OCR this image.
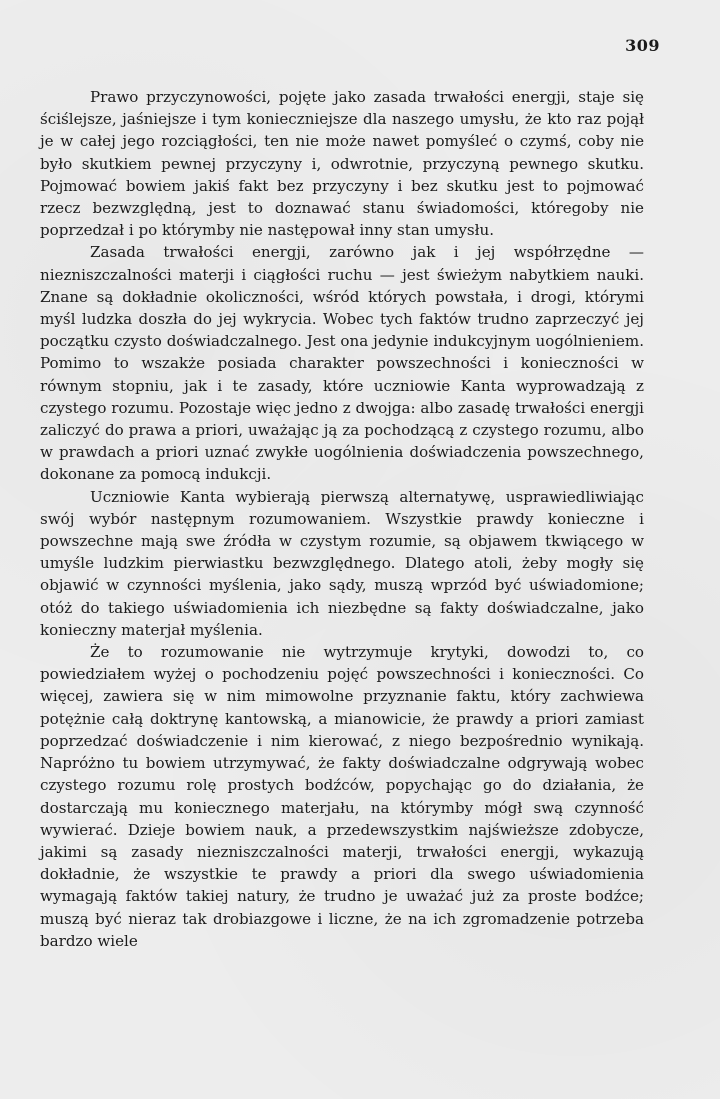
309

Prawo przyczynowości, pojęte jako zasada trwałości energji, staje się ściślejsze, jaśniejsze i tym konieczniejsze dla naszego umysłu, że kto raz pojął je w całej jego rozciągłości, ten nie może nawet pomyśleć o czymś, coby nie było skutkiem pewnej przyczyny i, odwrotnie, przyczyną pewnego skutku. Pojmować bowiem jakiś fakt bez przyczyny i bez skutku jest to pojmować rzecz bezwzględną, jest to doznawać stanu świadomości, któregoby nie poprzedzał i po którymby nie następował inny stan umysłu.

Zasada trwałości energji, zarówno jak i jej współrzędne — niezniszczalności materji i ciągłości ruchu — jest świeżym nabytkiem nauki. Znane są dokładnie okoliczności, wśród których powstała, i drogi, którymi myśl ludzka doszła do jej wykrycia. Wobec tych faktów trudno zaprzeczyć jej początku czysto doświadczalnego. Jest ona jedynie indukcyjnym uogólnieniem. Pomimo to wszakże posiada charakter powszechności i konieczności w równym stopniu, jak i te zasady, które uczniowie Kanta wyprowadzają z czystego rozumu. Pozostaje więc jedno z dwojga: albo zasadę trwałości energji zaliczyć do prawa a priori, uważając ją za pochodzącą z czystego rozumu, albo w prawdach a priori uznać zwykłe uogólnienia doświadczenia powszechnego, dokonane za pomocą indukcji.

Uczniowie Kanta wybierają pierwszą alternatywę, usprawiedliwiając swój wybór następnym rozumowaniem. Wszystkie prawdy konieczne i powszechne mają swe źródła w czystym rozumie, są objawem tkwiącego w umyśle ludzkim pierwiastku bezwzględnego. Dlatego atoli, żeby mogły się objawić w czynności myślenia, jako sądy, muszą wprzód być uświadomione; otóż do takiego uświadomienia ich niezbędne są fakty doświadczalne, jako konieczny materjał myślenia.

Że to rozumowanie nie wytrzymuje krytyki, dowodzi to, co powiedziałem wyżej o pochodzeniu pojęć powszechności i konieczności. Co więcej, zawiera się w nim mimowolne przyznanie faktu, który zachwiewa potężnie całą doktrynę kantowską, a mianowicie, że prawdy a priori zamiast poprzedzać doświadczenie i nim kierować, z niego bezpośrednio wynikają. Napróżno tu bowiem utrzymywać, że fakty doświadczalne odgrywają wobec czystego rozumu rolę prostych bodźców, popychając go do działania, że dostarczają mu koniecznego materjału, na którymby mógł swą czynność wywierać. Dzieje bowiem nauk, a przedewszystkim najświeższe zdobycze, jakimi są zasady niezniszczalności materji, trwałości energji, wykazują dokładnie, że wszystkie te prawdy a priori dla swego uświadomienia wymagają faktów takiej natury, że trudno je uważać już za proste bodźce; muszą być nieraz tak drobiazgowe i liczne, że na ich zgromadzenie potrzeba bardzo wiele
